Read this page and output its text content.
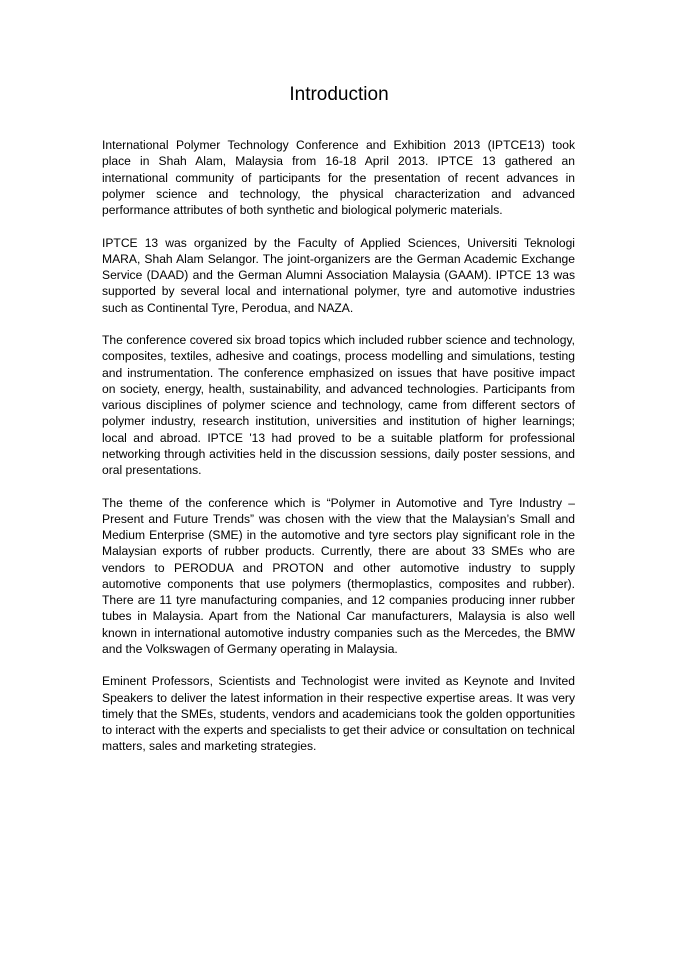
Introduction

International Polymer Technology Conference and Exhibition 2013 (IPTCE13) took place in Shah Alam, Malaysia from 16-18 April 2013. IPTCE 13 gathered an international community of participants for the presentation of recent advances in polymer science and technology, the physical characterization and advanced performance attributes of both synthetic and biological polymeric materials.

IPTCE 13 was organized by the Faculty of Applied Sciences, Universiti Teknologi MARA, Shah Alam Selangor. The joint-organizers are the German Academic Exchange Service (DAAD) and the German Alumni Association Malaysia (GAAM). IPTCE 13 was supported by several local and international polymer, tyre and automotive industries such as Continental Tyre, Perodua, and NAZA.

The conference covered six broad topics which included rubber science and technology, composites, textiles, adhesive and coatings, process modelling and simulations, testing and instrumentation. The conference emphasized on issues that have positive impact on society, energy, health, sustainability, and advanced technologies. Participants from various disciplines of polymer science and technology, came from different sectors of polymer industry, research institution, universities and institution of higher learnings; local and abroad. IPTCE '13 had proved to be a suitable platform for professional networking through activities held in the discussion sessions, daily poster sessions, and oral presentations.

The theme of the conference which is “Polymer in Automotive and Tyre Industry – Present and Future Trends” was chosen with the view that the Malaysian’s Small and Medium Enterprise (SME) in the automotive and tyre sectors play significant role in the Malaysian exports of rubber products. Currently, there are about 33 SMEs who are vendors to PERODUA and PROTON and other automotive industry to supply automotive components that use polymers (thermoplastics, composites and rubber). There are 11 tyre manufacturing companies, and 12 companies producing inner rubber tubes in Malaysia. Apart from the National Car manufacturers, Malaysia is also well known in international automotive industry companies such as the Mercedes, the BMW and the Volkswagen of Germany operating in Malaysia.

Eminent Professors, Scientists and Technologist were invited as Keynote and Invited Speakers to deliver the latest information in their respective expertise areas. It was very timely that the SMEs, students, vendors and academicians took the golden opportunities to interact with the experts and specialists to get their advice or consultation on technical matters, sales and marketing strategies.
